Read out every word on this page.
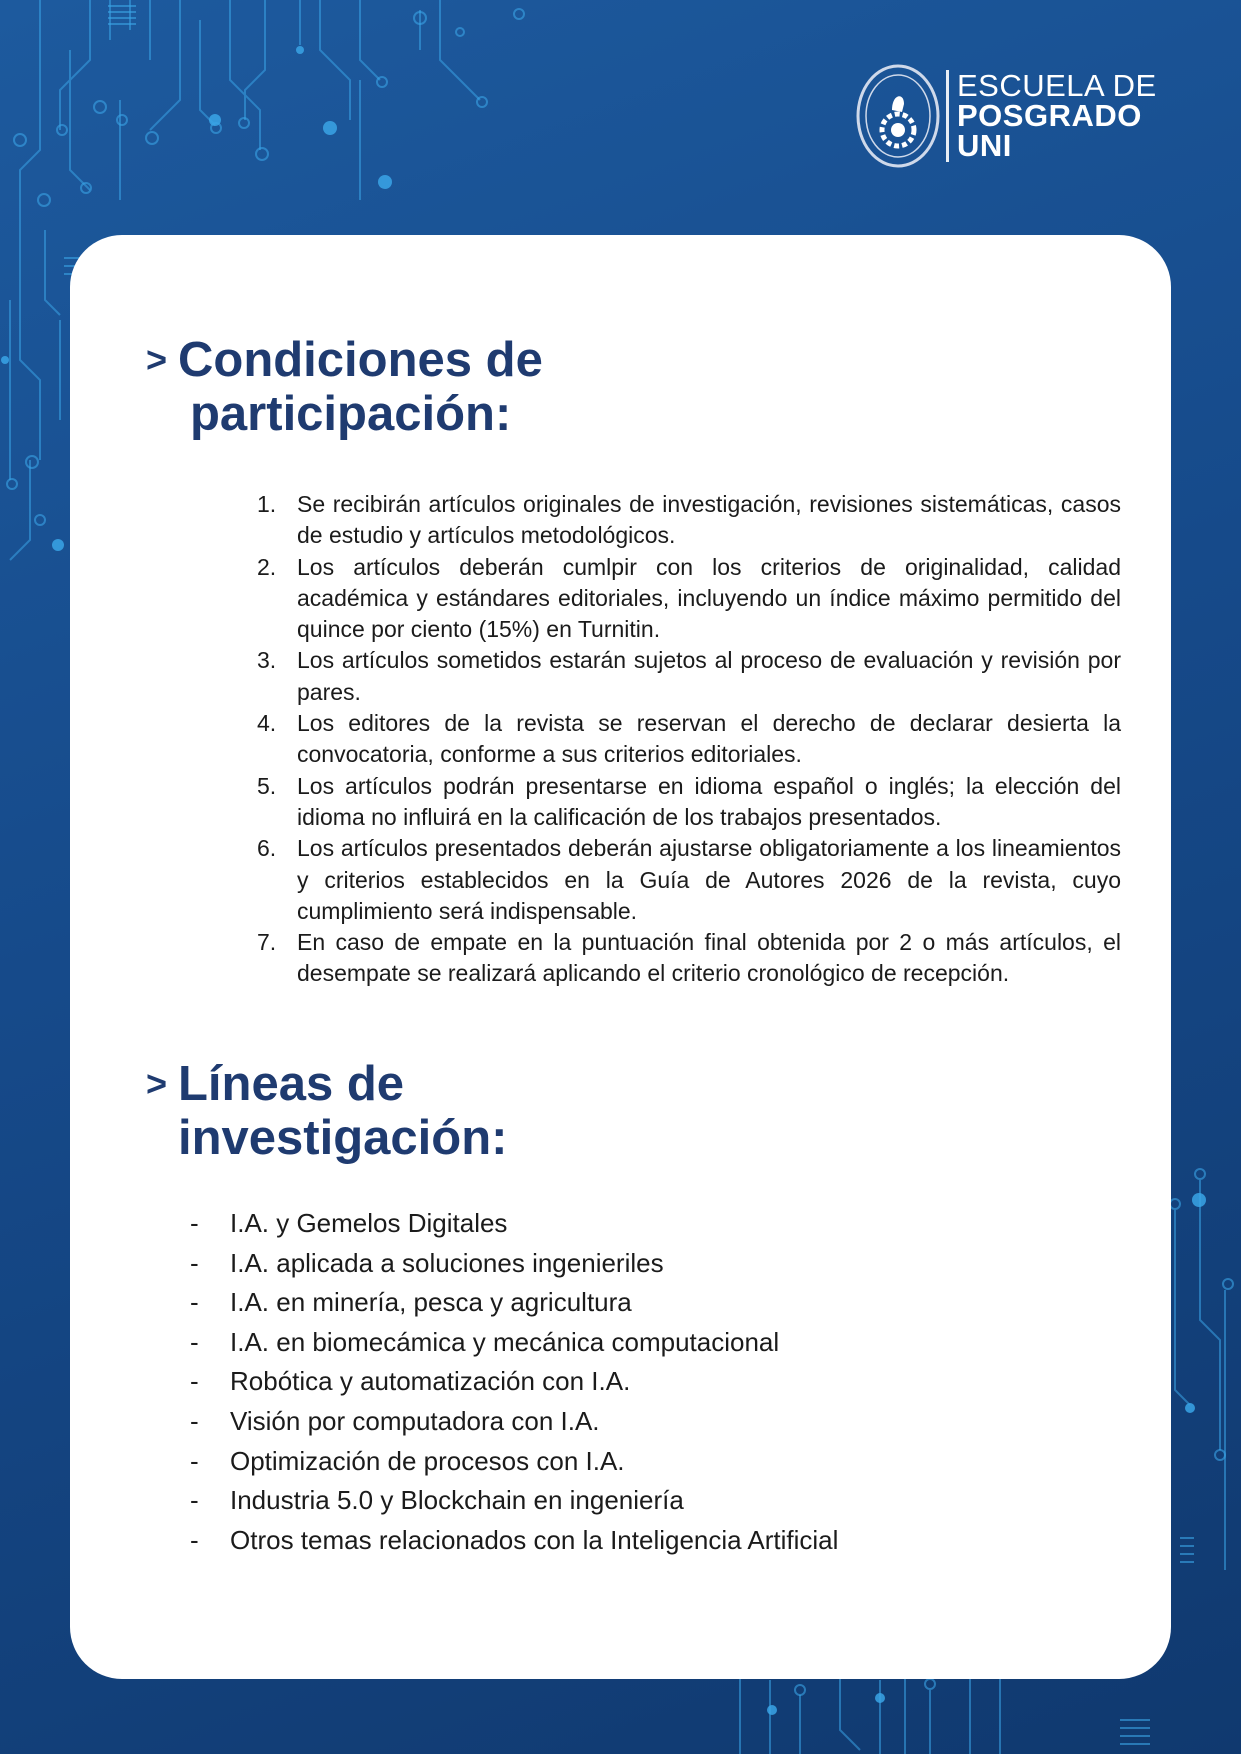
ESCUELA DE
POSGRADO
UNI
> Condiciones de
participación:
1. Se recibirán artículos originales de investigación, revisiones sistemáticas, casos de estudio y artículos metodológicos.
2. Los artículos deberán cumlpir con los criterios de originalidad, calidad académica y estándares editoriales, incluyendo un índice máximo permitido del quince por ciento (15%) en Turnitin.
3. Los artículos sometidos estarán sujetos al proceso de evaluación y revisión por pares.
4. Los editores de la revista se reservan el derecho de declarar desierta la convocatoria, conforme a sus criterios editoriales.
5. Los artículos podrán presentarse en idioma español o inglés; la elección del idioma no influirá en la calificación de los trabajos presentados.
6. Los artículos presentados deberán ajustarse obligatoriamente a los lineamientos y criterios establecidos en la Guía de Autores 2026 de la revista, cuyo cumplimiento será indispensable.
7. En caso de empate en la puntuación final obtenida por 2 o más artículos, el desempate se realizará aplicando el criterio cronológico de recepción.
> Líneas de
investigación:
- I.A. y Gemelos Digitales
- I.A. aplicada a soluciones ingenieriles
- I.A. en minería, pesca y agricultura
- I.A. en biomecámica y mecánica computacional
- Robótica y automatización con I.A.
- Visión por computadora con I.A.
- Optimización de procesos con I.A.
- Industria 5.0 y Blockchain en ingeniería
- Otros temas relacionados con la Inteligencia Artificial
